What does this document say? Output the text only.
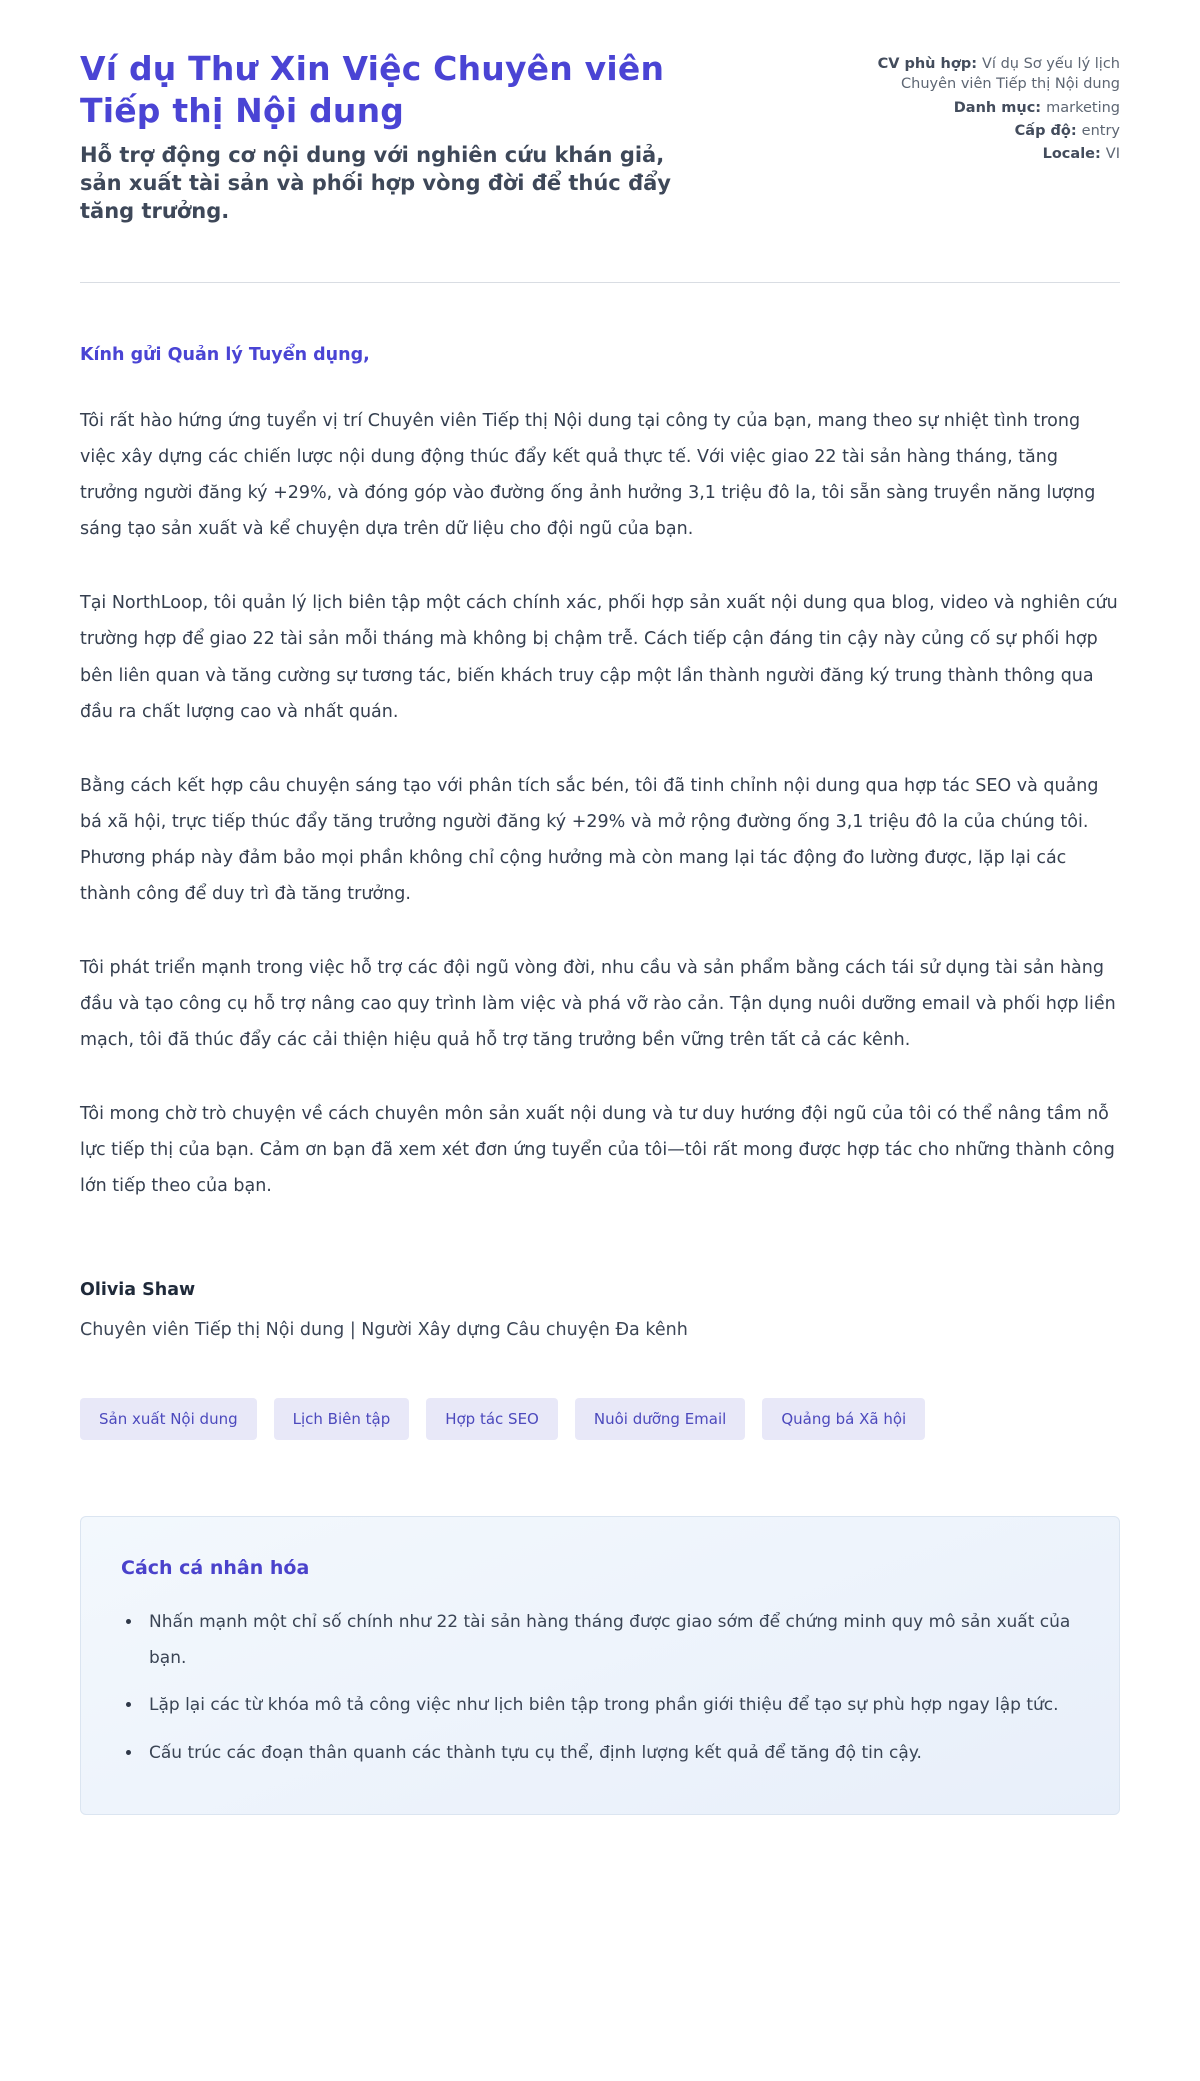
Ví dụ Thư Xin Việc Chuyên viên Tiếp thị Nội dung

Hỗ trợ động cơ nội dung với nghiên cứu khán giả, sản xuất tài sản và phối hợp vòng đời để thúc đẩy tăng trưởng.

CV phù hợp: Ví dụ Sơ yếu lý lịch Chuyên viên Tiếp thị Nội dung
Danh mục: marketing
Cấp độ: entry
Locale: VI

Kính gửi Quản lý Tuyển dụng,

Tôi rất hào hứng ứng tuyển vị trí Chuyên viên Tiếp thị Nội dung tại công ty của bạn, mang theo sự nhiệt tình trong việc xây dựng các chiến lược nội dung động thúc đẩy kết quả thực tế. Với việc giao 22 tài sản hàng tháng, tăng trưởng người đăng ký +29%, và đóng góp vào đường ống ảnh hưởng 3,1 triệu đô la, tôi sẵn sàng truyền năng lượng sáng tạo sản xuất và kể chuyện dựa trên dữ liệu cho đội ngũ của bạn.

Tại NorthLoop, tôi quản lý lịch biên tập một cách chính xác, phối hợp sản xuất nội dung qua blog, video và nghiên cứu trường hợp để giao 22 tài sản mỗi tháng mà không bị chậm trễ. Cách tiếp cận đáng tin cậy này củng cố sự phối hợp bên liên quan và tăng cường sự tương tác, biến khách truy cập một lần thành người đăng ký trung thành thông qua đầu ra chất lượng cao và nhất quán.

Bằng cách kết hợp câu chuyện sáng tạo với phân tích sắc bén, tôi đã tinh chỉnh nội dung qua hợp tác SEO và quảng bá xã hội, trực tiếp thúc đẩy tăng trưởng người đăng ký +29% và mở rộng đường ống 3,1 triệu đô la của chúng tôi. Phương pháp này đảm bảo mọi phần không chỉ cộng hưởng mà còn mang lại tác động đo lường được, lặp lại các thành công để duy trì đà tăng trưởng.

Tôi phát triển mạnh trong việc hỗ trợ các đội ngũ vòng đời, nhu cầu và sản phẩm bằng cách tái sử dụng tài sản hàng đầu và tạo công cụ hỗ trợ nâng cao quy trình làm việc và phá vỡ rào cản. Tận dụng nuôi dưỡng email và phối hợp liền mạch, tôi đã thúc đẩy các cải thiện hiệu quả hỗ trợ tăng trưởng bền vững trên tất cả các kênh.

Tôi mong chờ trò chuyện về cách chuyên môn sản xuất nội dung và tư duy hướng đội ngũ của tôi có thể nâng tầm nỗ lực tiếp thị của bạn. Cảm ơn bạn đã xem xét đơn ứng tuyển của tôi—tôi rất mong được hợp tác cho những thành công lớn tiếp theo của bạn.

Olivia Shaw

Chuyên viên Tiếp thị Nội dung | Người Xây dựng Câu chuyện Đa kênh

Sản xuất Nội dung	Lịch Biên tập	Hợp tác SEO	Nuôi dưỡng Email	Quảng bá Xã hội
Cách cá nhân hóa
• Nhấn mạnh một chỉ số chính như 22 tài sản hàng tháng được giao sớm để chứng minh quy mô sản xuất của bạn.
• Lặp lại các từ khóa mô tả công việc như lịch biên tập trong phần giới thiệu để tạo sự phù hợp ngay lập tức.
• Cấu trúc các đoạn thân quanh các thành tựu cụ thể, định lượng kết quả để tăng độ tin cậy.
